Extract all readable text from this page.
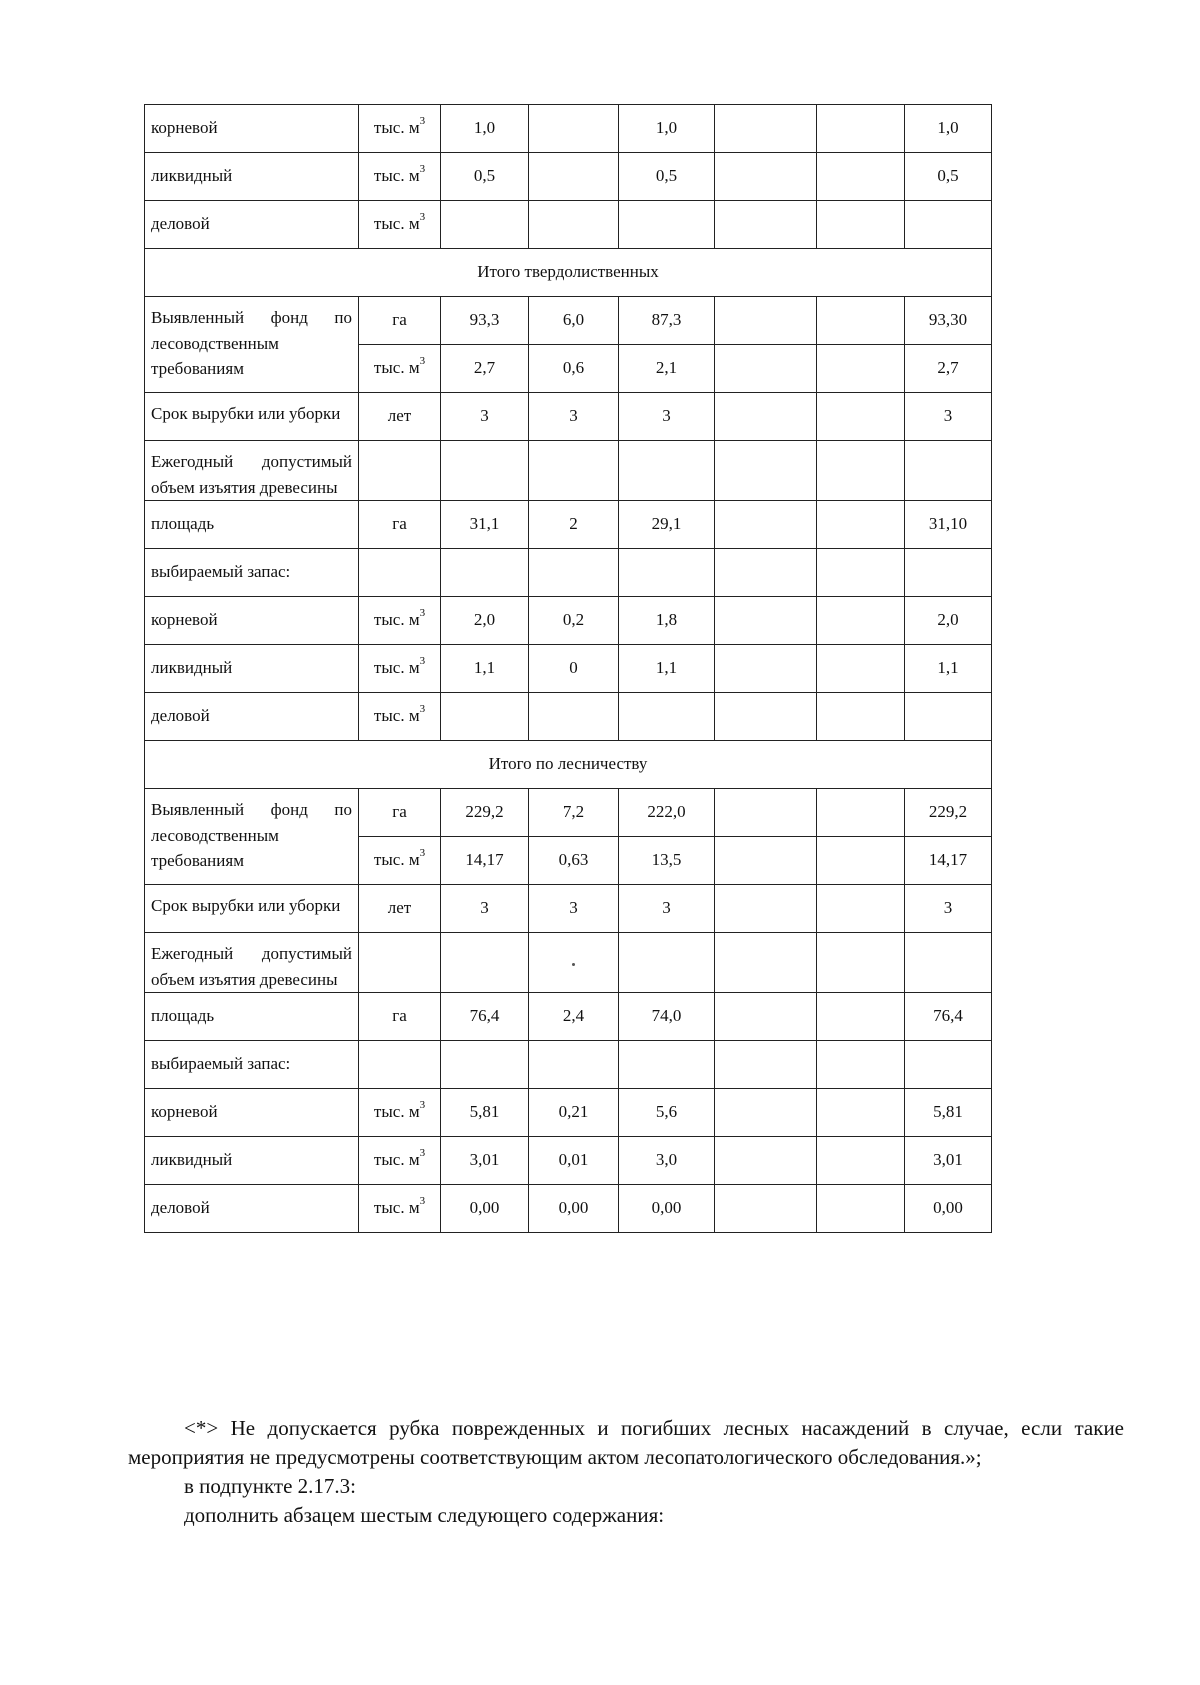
корневой	тыс. $м^3$	1,0		1,0			1,0
ликвидный	тыс. $м^3$	0,5		0,5			0,5
деловой	тыс. $м^3$						
Итого твердолиственных							
Выявленный фонд по лесоводственным требованиям	га	93,3	6,0	87,3			93,30
	тыс. $м^3$	2,7	0,6	2,1			2,7
Срок вырубки или уборки	лет	3	3	3			3
Ежегодный допустимый объем изъятия древесины							
площадь	га	31,1	2	29,1			31,10
выбираемый запас:							
корневой	тыс. $м^3$	2,0	0,2	1,8			2,0
ликвидный	тыс. $м^3$	1,1	0	1,1			1,1
деловой	тыс. $м^3$						
Итого по лесничеству							
Выявленный фонд по лесоводственным требованиям	га	229,2	7,2	222,0			229,2
	тыс. $м^3$	14,17	0,63	13,5			14,17
Срок вырубки или уборки	лет	3	3	3			3
Ежегодный допустимый объем изъятия древесины							
площадь	га	76,4	2,4	74,0			76,4
выбираемый запас:							
корневой	тыс. $м^3$	5,81	0,21	5,6			5,81
ликвидный	тыс. $м^3$	3,01	0,01	3,0			3,01
деловой	тыс. $м^3$	0,00	0,00	0,00			0,00

<*> Не допускается рубка поврежденных и погибших лесных насаждений в случае, если такие мероприятия не предусмотрены соответствующим актом лесопатологического обследования.»;

в подпункте 2.17.3:

дополнить абзацем шестым следующего содержания:
